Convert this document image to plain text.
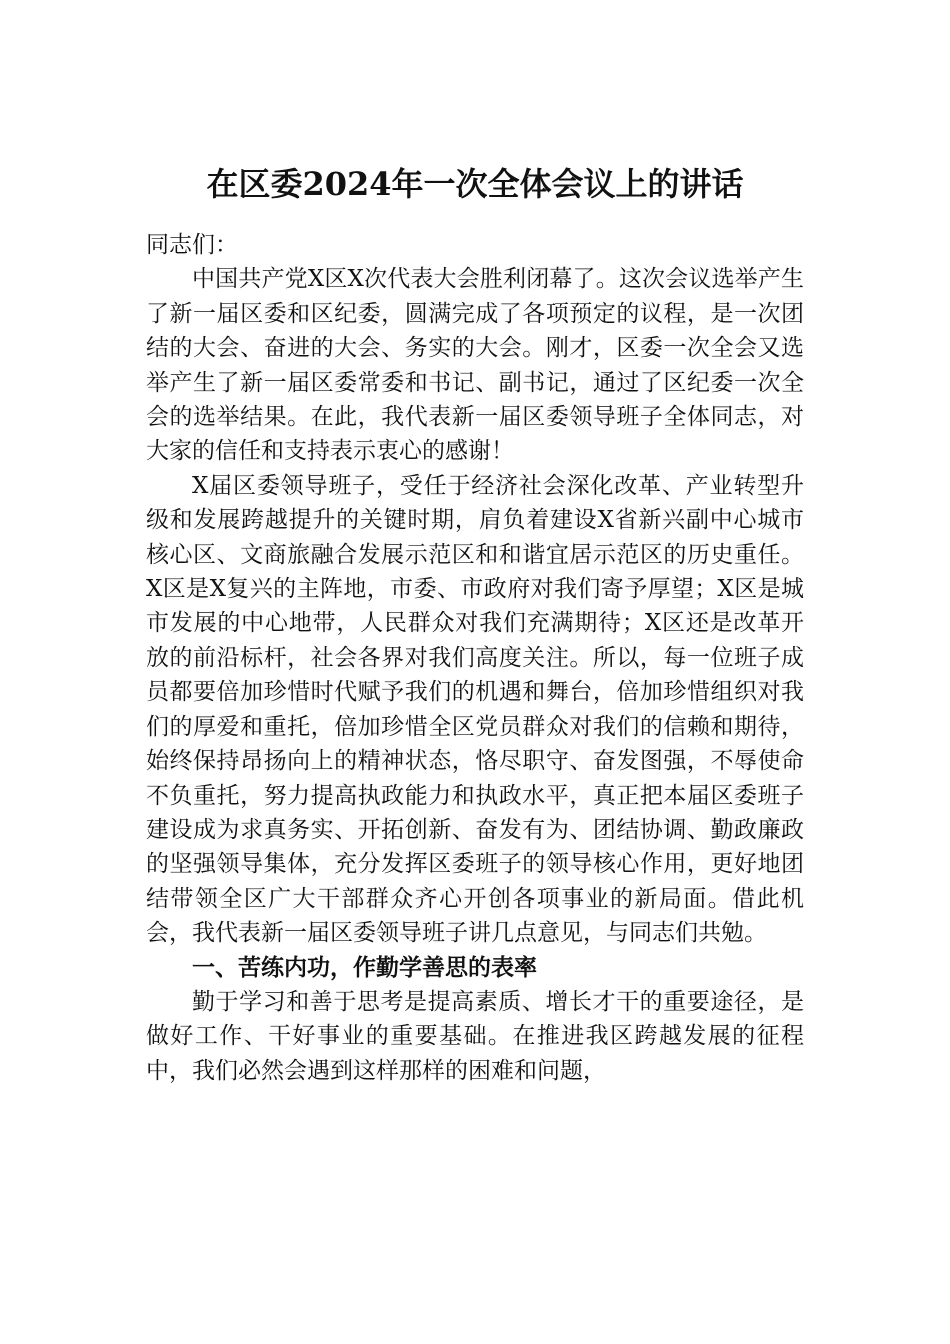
在区委2024年一次全体会议上的讲话

同志们：

中国共产党X区X次代表大会胜利闭幕了。这次会议选举产生了新一届区委和区纪委，圆满完成了各项预定的议程，是一次团结的大会、奋进的大会、务实的大会。刚才，区委一次全会又选举产生了新一届区委常委和书记、副书记，通过了区纪委一次全会的选举结果。在此，我代表新一届区委领导班子全体同志，对大家的信任和支持表示衷心的感谢！

X届区委领导班子，受任于经济社会深化改革、产业转型升级和发展跨越提升的关键时期，肩负着建设X省新兴副中心城市核心区、文商旅融合发展示范区和和谐宜居示范区的历史重任。X区是X复兴的主阵地，市委、市政府对我们寄予厚望；X区是城市发展的中心地带，人民群众对我们充满期待；X区还是改革开放的前沿标杆，社会各界对我们高度关注。所以，每一位班子成员都要倍加珍惜时代赋予我们的机遇和舞台，倍加珍惜组织对我们的厚爱和重托，倍加珍惜全区党员群众对我们的信赖和期待，始终保持昂扬向上的精神状态，恪尽职守、奋发图强，不辱使命不负重托，努力提高执政能力和执政水平，真正把本届区委班子建设成为求真务实、开拓创新、奋发有为、团结协调、勤政廉政的坚强领导集体，充分发挥区委班子的领导核心作用，更好地团结带领全区广大干部群众齐心开创各项事业的新局面。借此机会，我代表新一届区委领导班子讲几点意见，与同志们共勉。

一、苦练内功，作勤学善思的表率

勤于学习和善于思考是提高素质、增长才干的重要途径，是做好工作、干好事业的重要基础。在推进我区跨越发展的征程中，我们必然会遇到这样那样的困难和问题，
